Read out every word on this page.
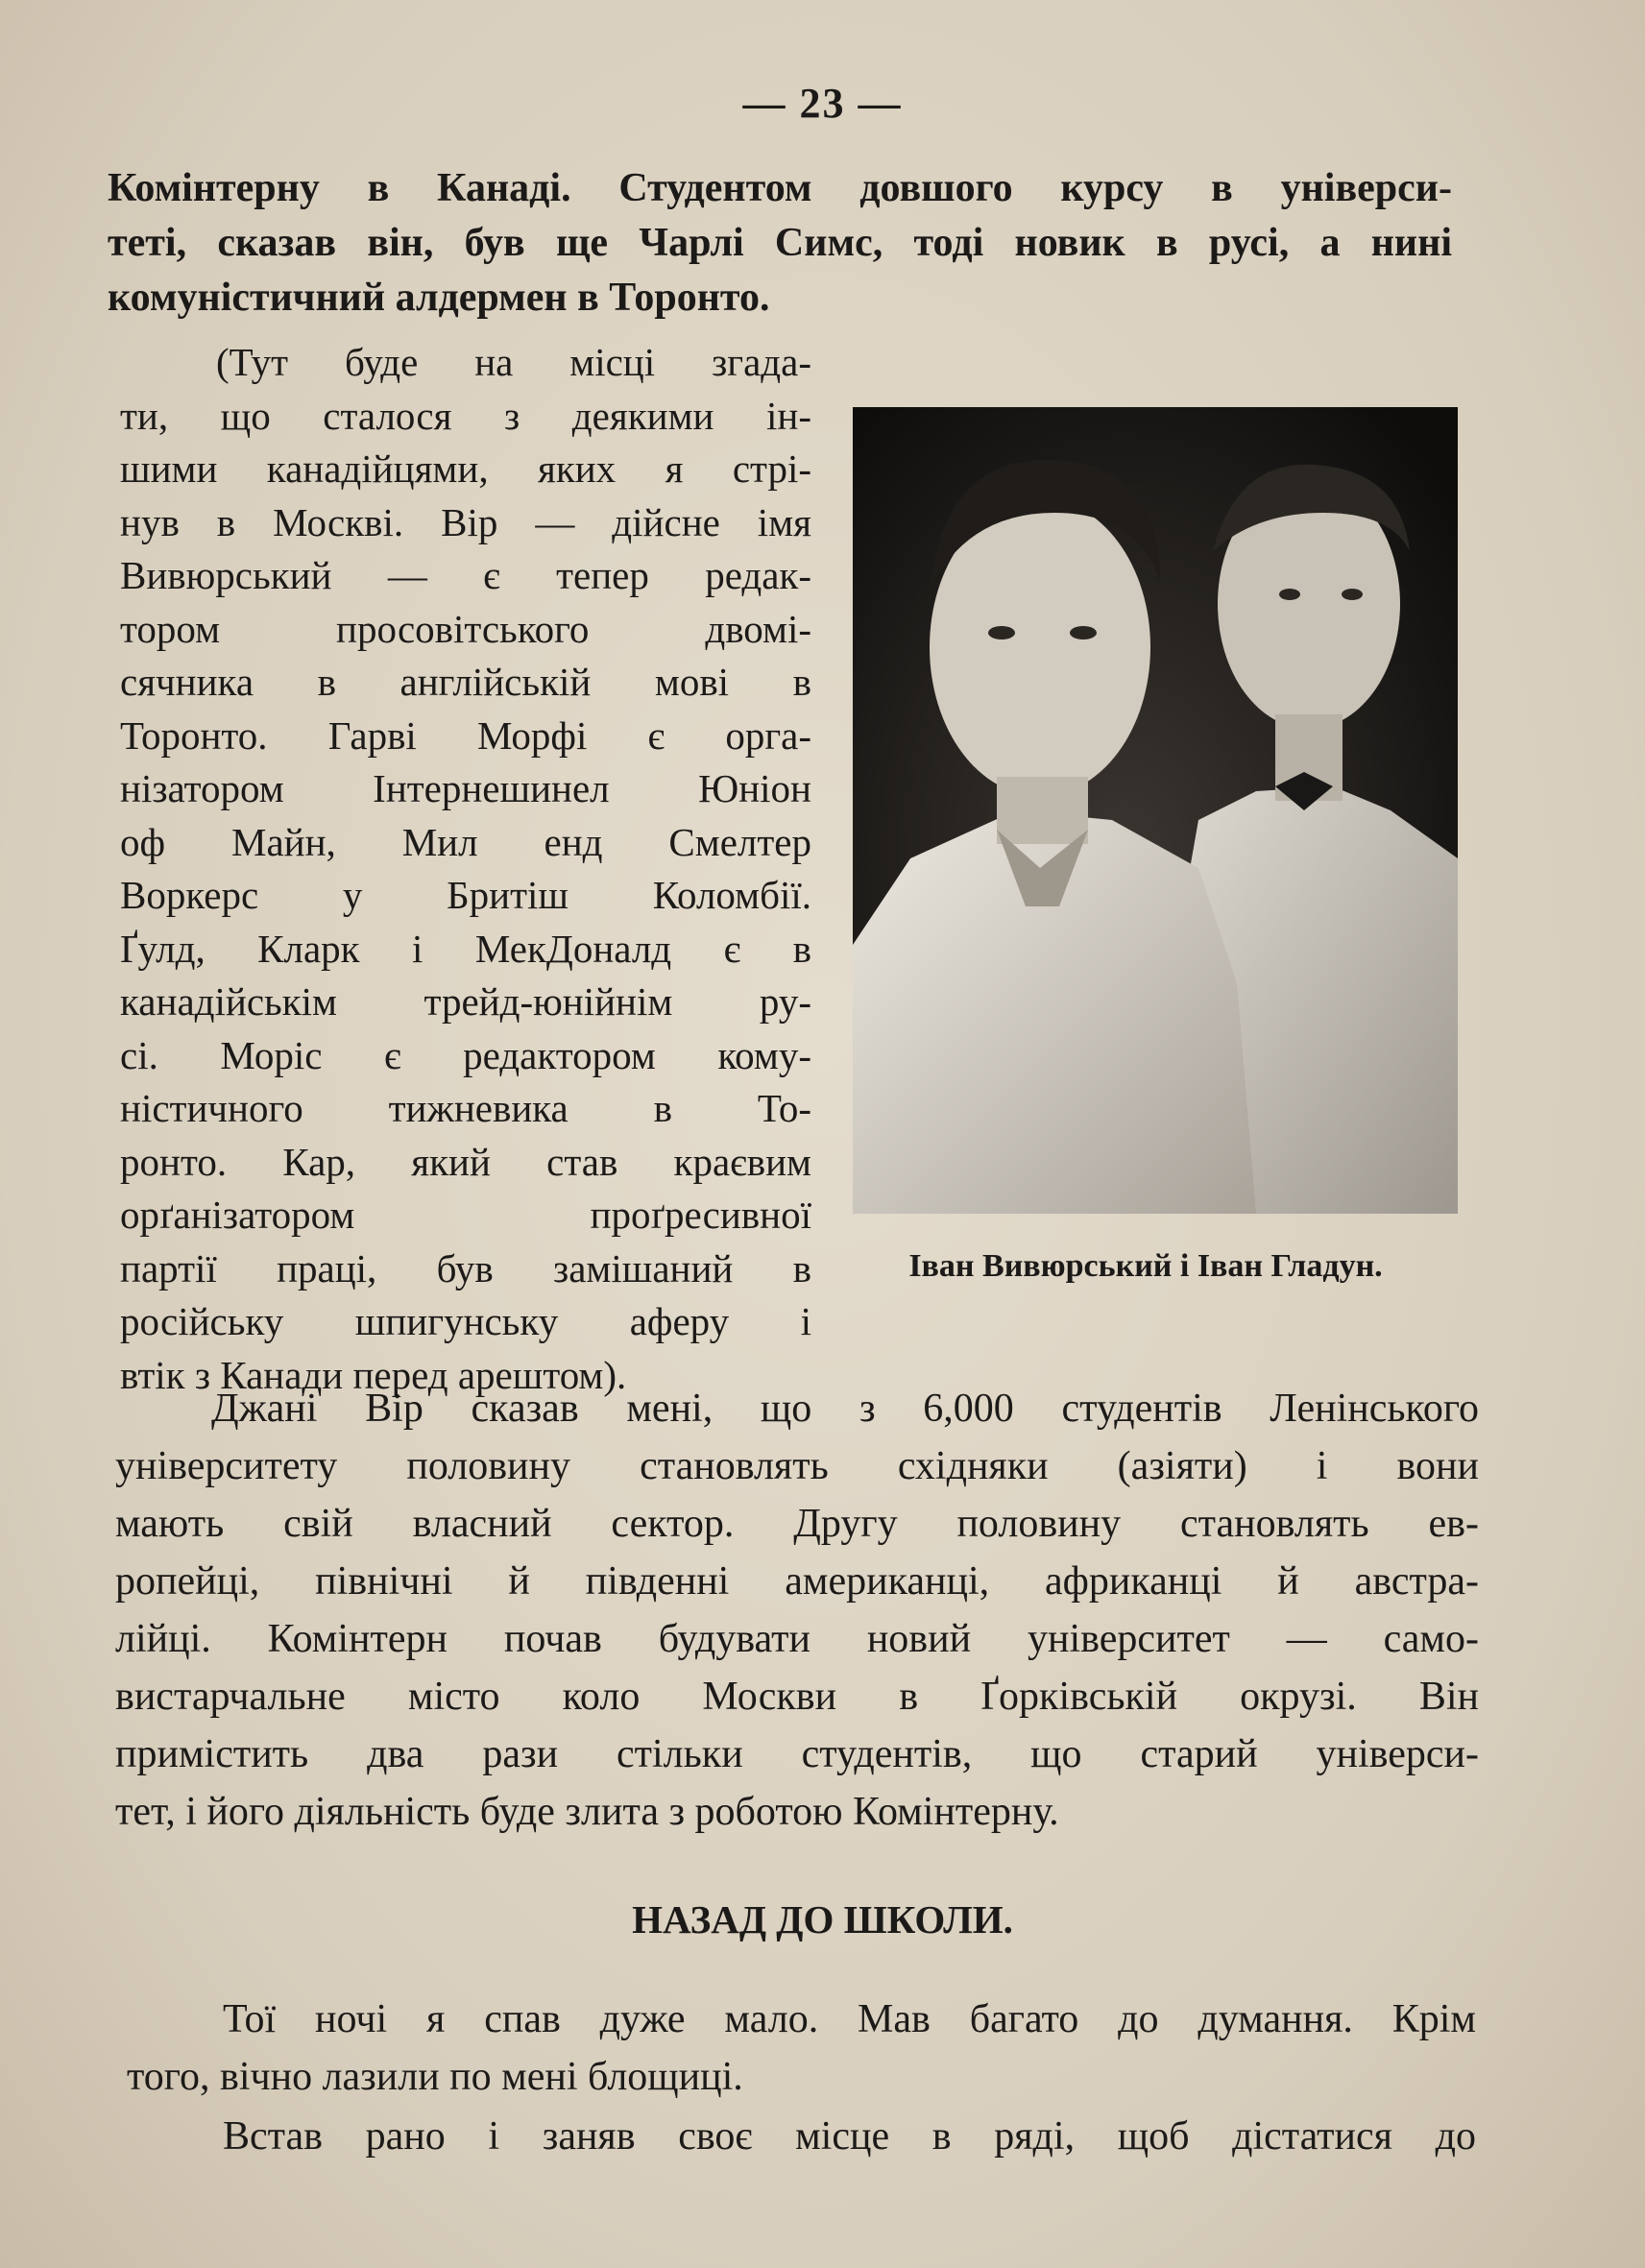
— 23 —
Комінтерну в Канаді. Студентом довшого курсу в універси-
теті, сказав він, був ще Чарлі Симс, тоді новик в русі, а нині
комуністичний алдермен в Торонто.
(Тут буде на місці згада-
ти, що сталося з деякими ін-
шими канадійцями, яких я стрі-
нув в Москві. Вір — дійсне імя
Вивюрський — є тепер редак-
тором просовітського двомі-
сячника в англійській мові в
Торонто. Гарві Морфі є орга-
нізатором Інтернешинел Юніон
оф Майн, Мил енд Смелтер
Воркерс у Бритіш Коломбії.
Ґулд, Кларк і МекДоналд є в
канадійськім трейд-юнійнім ру-
сі. Моріс є редактором кому-
ністичного тижневика в То-
ронто. Кар, який став краєвим
орґанізатором проґресивної
партії праці, був замішаний в
російську шпигунську аферу і
втік з Канади перед арештом).
Іван Вивюрський і Іван Гладун.
Джані Вір сказав мені, що з 6,000 студентів Ленінського
університету половину становлять східняки (азіяти) і вони
мають свій власний сектор. Другу половину становлять ев-
ропейці, північні й південні американці, африканці й австра-
лійці. Комінтерн почав будувати новий університет — само-
вистарчальне місто коло Москви в Ґорківській окрузі. Він
примістить два рази стільки студентів, що старий універси-
тет, і його діяльність буде злита з роботою Комінтерну.
НАЗАД ДО ШКОЛИ.
Тої ночі я спав дуже мало. Мав багато до думання. Крім
того, вічно лазили по мені блощиці.
Встав рано і заняв своє місце в ряді, щоб дістатися до
